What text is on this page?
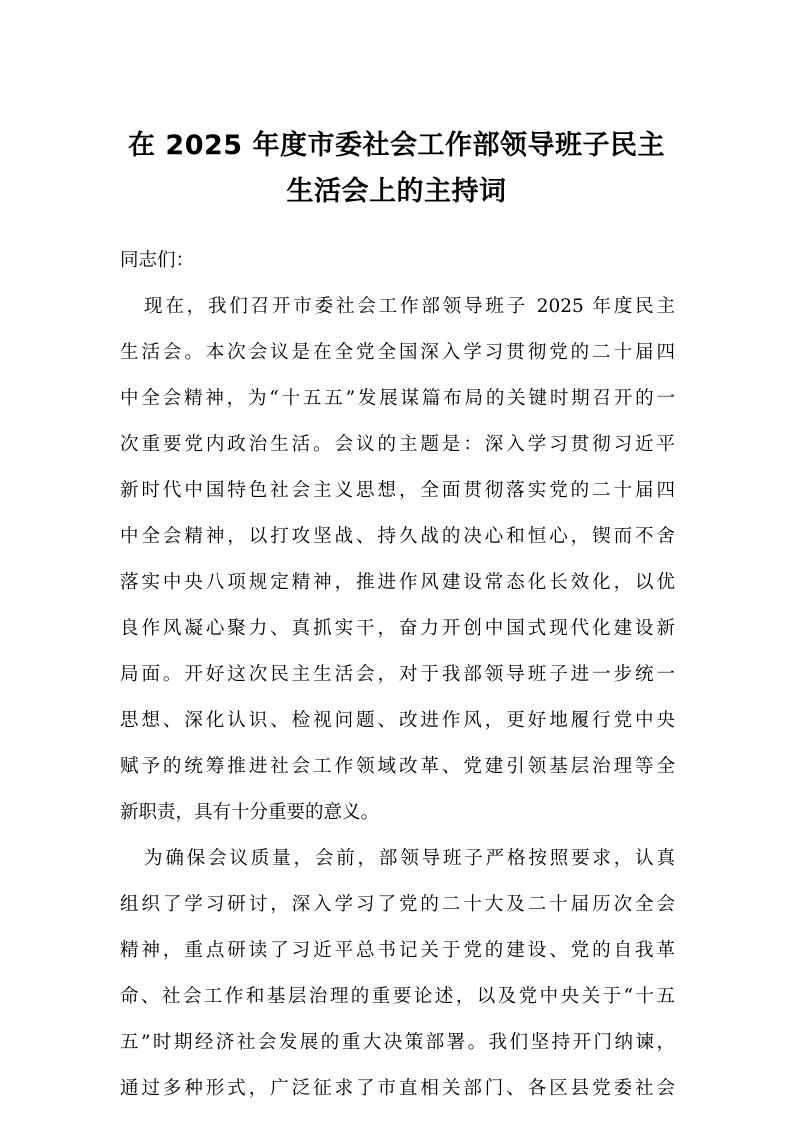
在 2025 年度市委社会工作部领导班子民主
生活会上的主持词

同志们：

现在，我们召开市委社会工作部领导班子 2025 年度民主

生活会。本次会议是在全党全国深入学习贯彻党的二十届四

中全会精神，为“十五五”发展谋篇布局的关键时期召开的一

次重要党内政治生活。会议的主题是：深入学习贯彻习近平

新时代中国特色社会主义思想，全面贯彻落实党的二十届四

中全会精神，以打攻坚战、持久战的决心和恒心，锲而不舍

落实中央八项规定精神，推进作风建设常态化长效化，以优

良作风凝心聚力、真抓实干，奋力开创中国式现代化建设新

局面。开好这次民主生活会，对于我部领导班子进一步统一

思想、深化认识、检视问题、改进作风，更好地履行党中央

赋予的统筹推进社会工作领域改革、党建引领基层治理等全

新职责，具有十分重要的意义。

为确保会议质量，会前，部领导班子严格按照要求，认真

组织了学习研讨，深入学习了党的二十大及二十届历次全会

精神，重点研读了习近平总书记关于党的建设、党的自我革

命、社会工作和基层治理的重要论述，以及党中央关于“十五

五”时期经济社会发展的重大决策部署。我们坚持开门纳谏，

通过多种形式，广泛征求了市直相关部门、各区县党委社会
